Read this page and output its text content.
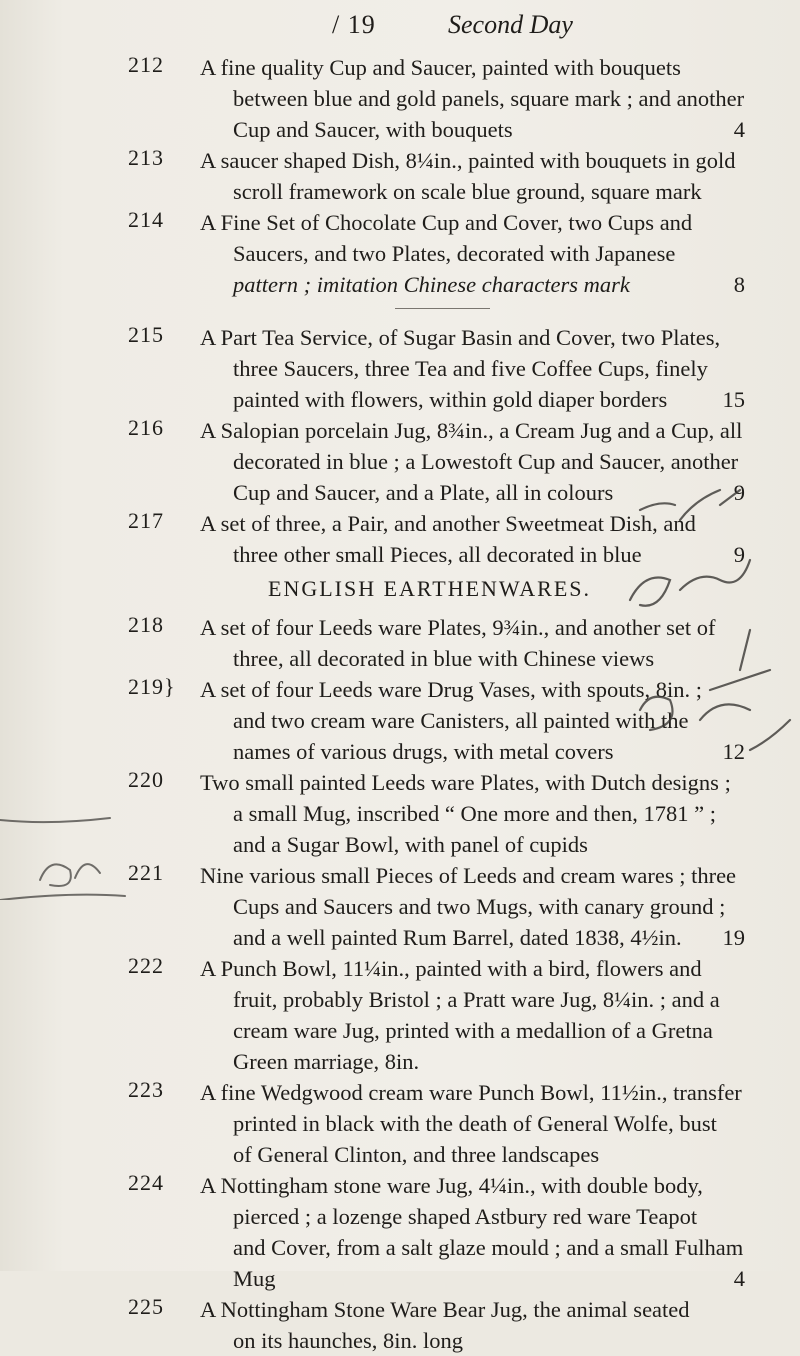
/ 19	Second Day
212	A fine quality Cup and Saucer, painted with bouquets
between blue and gold panels, square mark ; and another
Cup and Saucer, with bouquets	4
213	A saucer shaped Dish, 8¼in., painted with bouquets in gold
scroll framework on scale blue ground, square mark
214	A Fine Set of Chocolate Cup and Cover, two Cups and
Saucers, and two Plates, decorated with Japanese
pattern ; imitation Chinese characters mark	8
215	A Part Tea Service, of Sugar Basin and Cover, two Plates,
three Saucers, three Tea and five Coffee Cups, finely
painted with flowers, within gold diaper borders 15
216	A Salopian porcelain Jug, 8¾in., a Cream Jug and a Cup, all
decorated in blue ; a Lowestoft Cup and Saucer, another
Cup and Saucer, and a Plate, all in colours	9
217	A set of three, a Pair, and another Sweetmeat Dish, and
three other small Pieces, all decorated in blue	9
ENGLISH EARTHENWARES.
218	A set of four Leeds ware Plates, 9¾in., and another set of
three, all decorated in blue with Chinese views
219}	A set of four Leeds ware Drug Vases, with spouts, 8in. ;
and two cream ware Canisters, all painted with the
names of various drugs, with metal covers	12
220	Two small painted Leeds ware Plates, with Dutch designs ;
a small Mug, inscribed “ One more and then, 1781 ” ;
and a Sugar Bowl, with panel of cupids
221	Nine various small Pieces of Leeds and cream wares ; three
Cups and Saucers and two Mugs, with canary ground ;
and a well painted Rum Barrel, dated 1838, 4½in. 19
222	A Punch Bowl, 11¼in., painted with a bird, flowers and
fruit, probably Bristol ; a Pratt ware Jug, 8¼in. ; and a
cream ware Jug, printed with a medallion of a Gretna
Green marriage, 8in.
223	A fine Wedgwood cream ware Punch Bowl, 11½in., transfer
printed in black with the death of General Wolfe, bust
of General Clinton, and three landscapes
224	A Nottingham stone ware Jug, 4¼in., with double body,
pierced ; a lozenge shaped Astbury red ware Teapot
and Cover, from a salt glaze mould ; and a small Fulham
Mug	4
225	A Nottingham Stone Ware Bear Jug, the animal seated
on its haunches, 8in. long
